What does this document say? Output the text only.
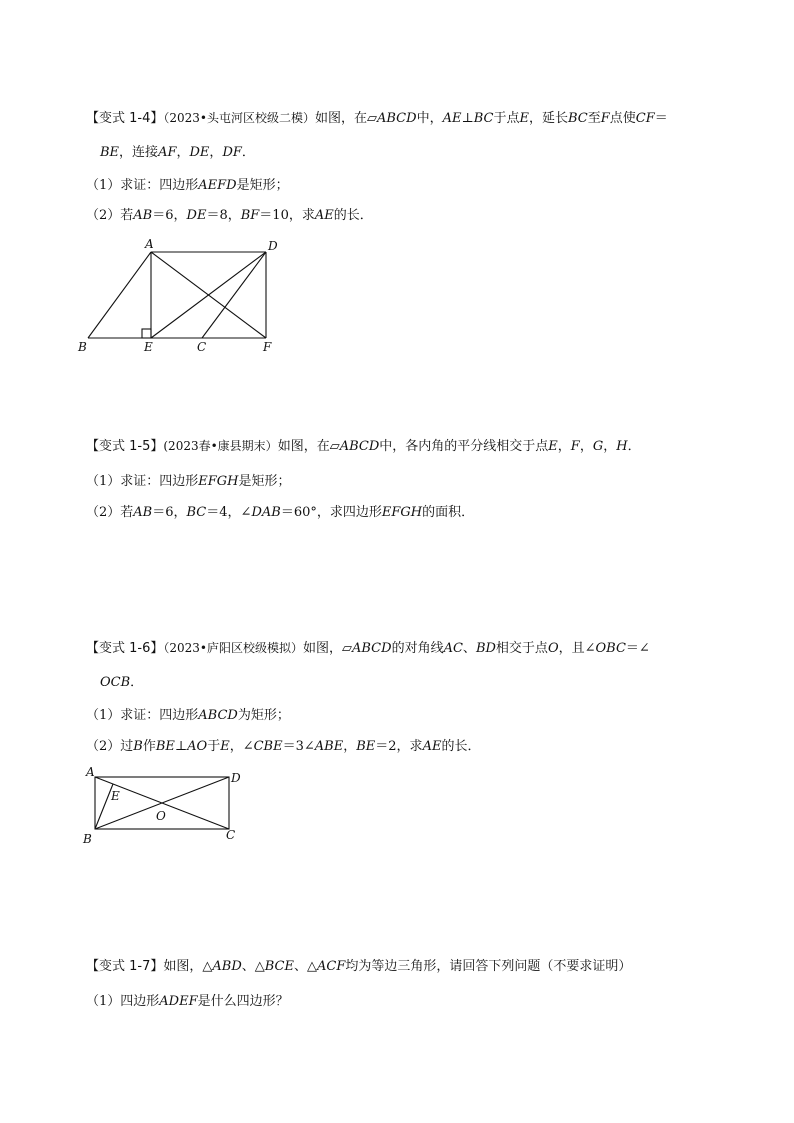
【变式 1-4】（2023•头屯河区校级二模）如图，在▱ABCD中，AE⊥BC于点E，延长BC至F点使CF＝
BE，连接AF，DE，DF．
（1）求证：四边形AEFD是矩形；
（2）若AB＝6，DE＝8，BF＝10，求AE的长．
A	D
B	E	C	F
【变式 1-5】(2023春•康县期末）如图，在▱ABCD中，各内角的平分线相交于点E，F，G，H．
（1）求证：四边形EFGH是矩形；
（2）若AB＝6，BC＝4，∠DAB＝60°，求四边形EFGH的面积．
【变式 1-6】（2023•庐阳区校级模拟）如图，▱ABCD的对角线AC、BD相交于点O，且∠OBC＝∠
OCB．
（1）求证：四边形ABCD为矩形；
（2）过B作BE⊥AO于E，∠CBE＝3∠ABE，BE＝2，求AE的长．
A	D
E
O
B	C
【变式 1-7】如图，△ABD、△BCE、△ACF均为等边三角形，请回答下列问题（不要求证明）
（1）四边形ADEF是什么四边形？
